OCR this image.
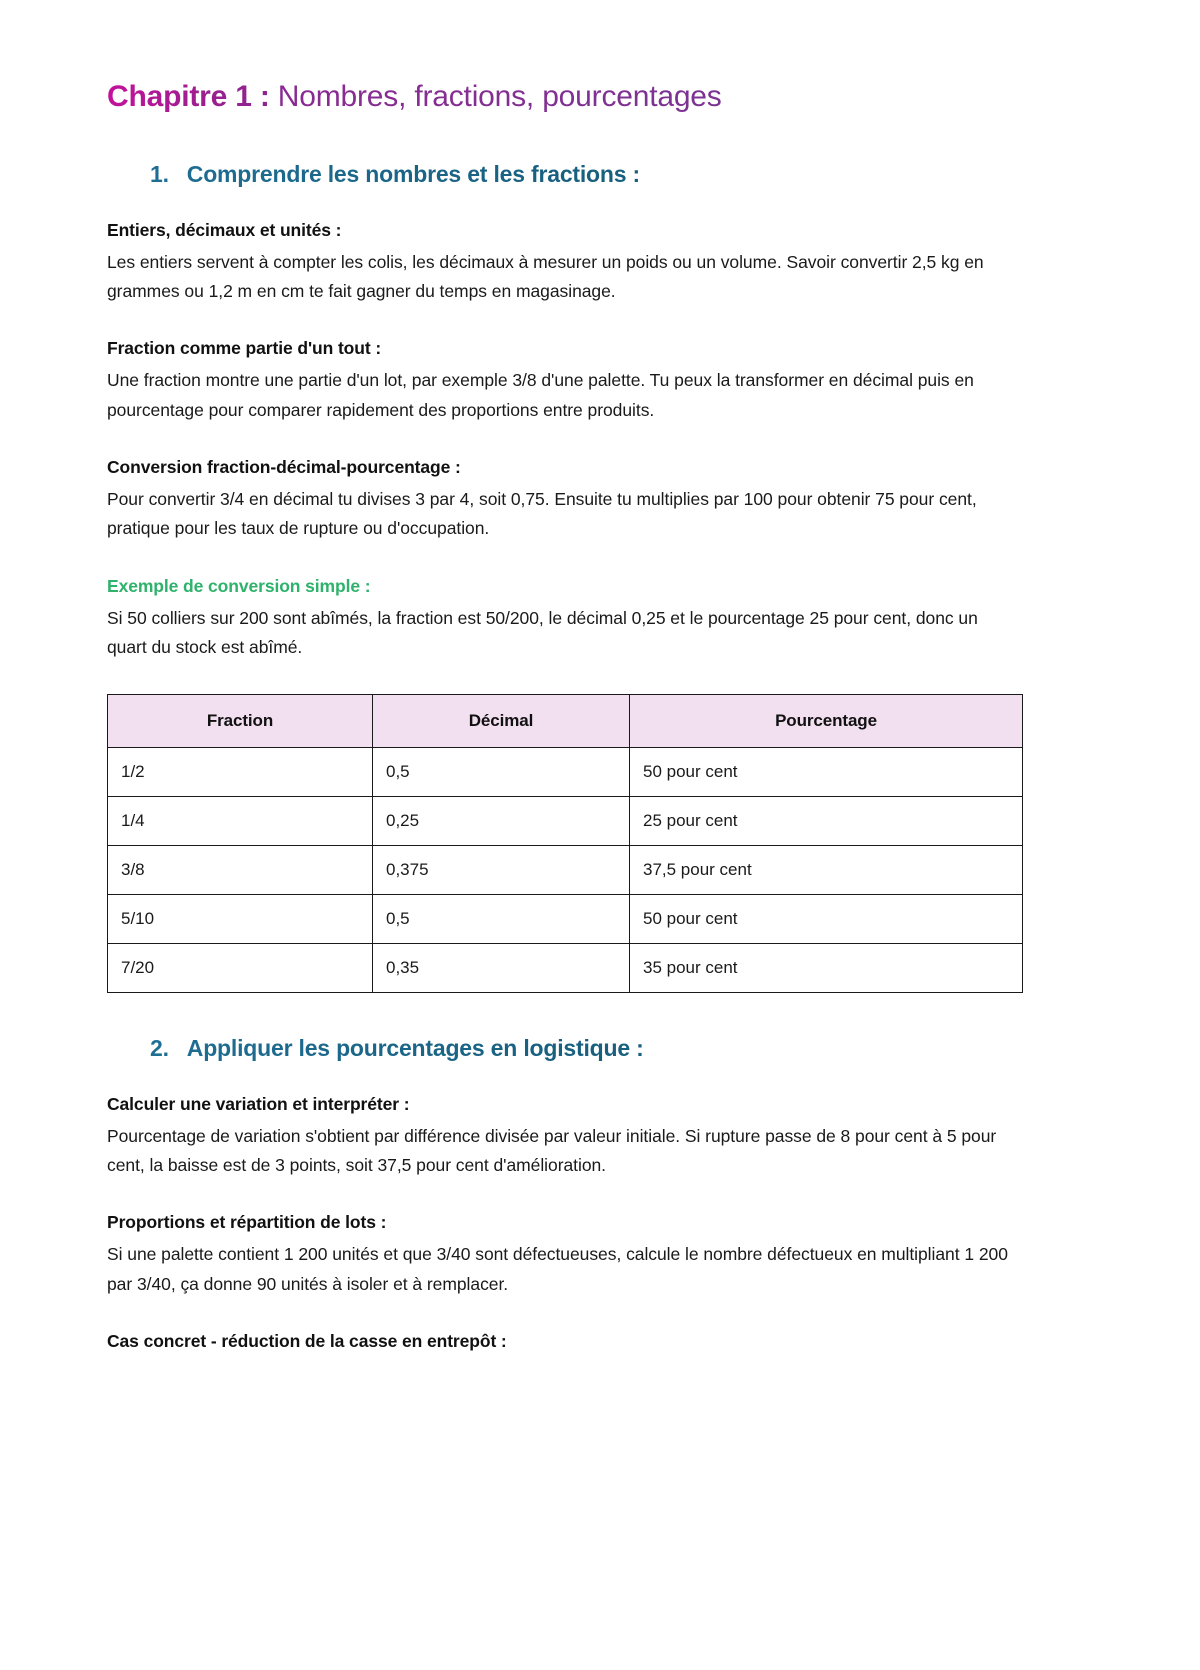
Chapitre 1 : Nombres, fractions, pourcentages
1. Comprendre les nombres et les fractions :

Entiers, décimaux et unités :

Les entiers servent à compter les colis, les décimaux à mesurer un poids ou un volume. Savoir convertir 2,5 kg en grammes ou 1,2 m en cm te fait gagner du temps en magasinage.

Fraction comme partie d'un tout :

Une fraction montre une partie d'un lot, par exemple 3/8 d'une palette. Tu peux la transformer en décimal puis en pourcentage pour comparer rapidement des proportions entre produits.

Conversion fraction-décimal-pourcentage :

Pour convertir 3/4 en décimal tu divises 3 par 4, soit 0,75. Ensuite tu multiplies par 100 pour obtenir 75 pour cent, pratique pour les taux de rupture ou d'occupation.

Exemple de conversion simple :

Si 50 colliers sur 200 sont abîmés, la fraction est 50/200, le décimal 0,25 et le pourcentage 25 pour cent, donc un quart du stock est abîmé.

Fraction	Décimal	Pourcentage
1/2	0,5	50 pour cent
1/4	0,25	25 pour cent
3/8	0,375	37,5 pour cent
5/10	0,5	50 pour cent
7/20	0,35	35 pour cent
2. Appliquer les pourcentages en logistique :

Calculer une variation et interpréter :

Pourcentage de variation s'obtient par différence divisée par valeur initiale. Si rupture passe de 8 pour cent à 5 pour cent, la baisse est de 3 points, soit 37,5 pour cent d'amélioration.

Proportions et répartition de lots :

Si une palette contient 1 200 unités et que 3/40 sont défectueuses, calcule le nombre défectueux en multipliant 1 200 par 3/40, ça donne 90 unités à isoler et à remplacer.

Cas concret - réduction de la casse en entrepôt :
